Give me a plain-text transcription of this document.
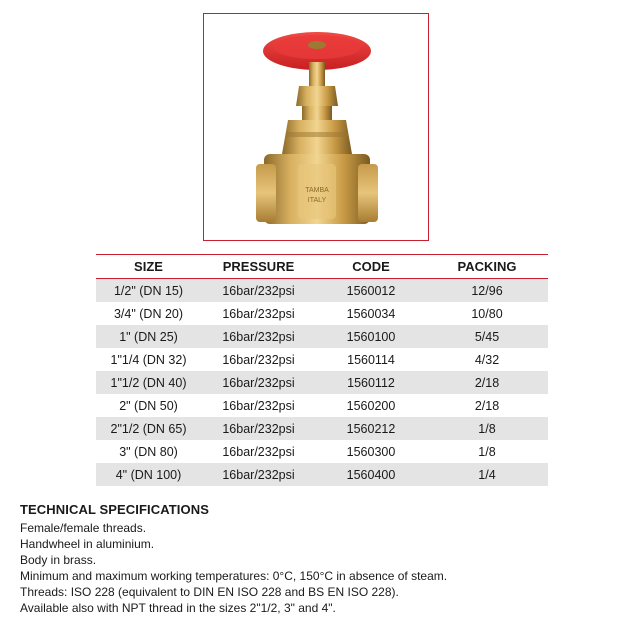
TAMBA
ITALY
SIZE	PRESSURE	CODE	PACKING
1/2" (DN 15)	16bar/232psi	1560012	12/96
3/4" (DN 20)	16bar/232psi	1560034	10/80
1" (DN 25)	16bar/232psi	1560100	5/45
1"1/4 (DN 32)	16bar/232psi	1560114	4/32
1"1/2 (DN 40)	16bar/232psi	1560112	2/18
2" (DN 50)	16bar/232psi	1560200	2/18
2"1/2 (DN 65)	16bar/232psi	1560212	1/8
3" (DN 80)	16bar/232psi	1560300	1/8
4" (DN 100)	16bar/232psi	1560400	1/4
TECHNICAL SPECIFICATIONS

Female/female threads.

Handwheel in aluminium.

Body in brass.

Minimum and maximum working temperatures: 0°C, 150°C in absence of steam.

Threads: ISO 228 (equivalent to DIN EN ISO 228 and BS EN ISO 228).

Available also with NPT thread in the sizes 2"1/2, 3" and 4".
